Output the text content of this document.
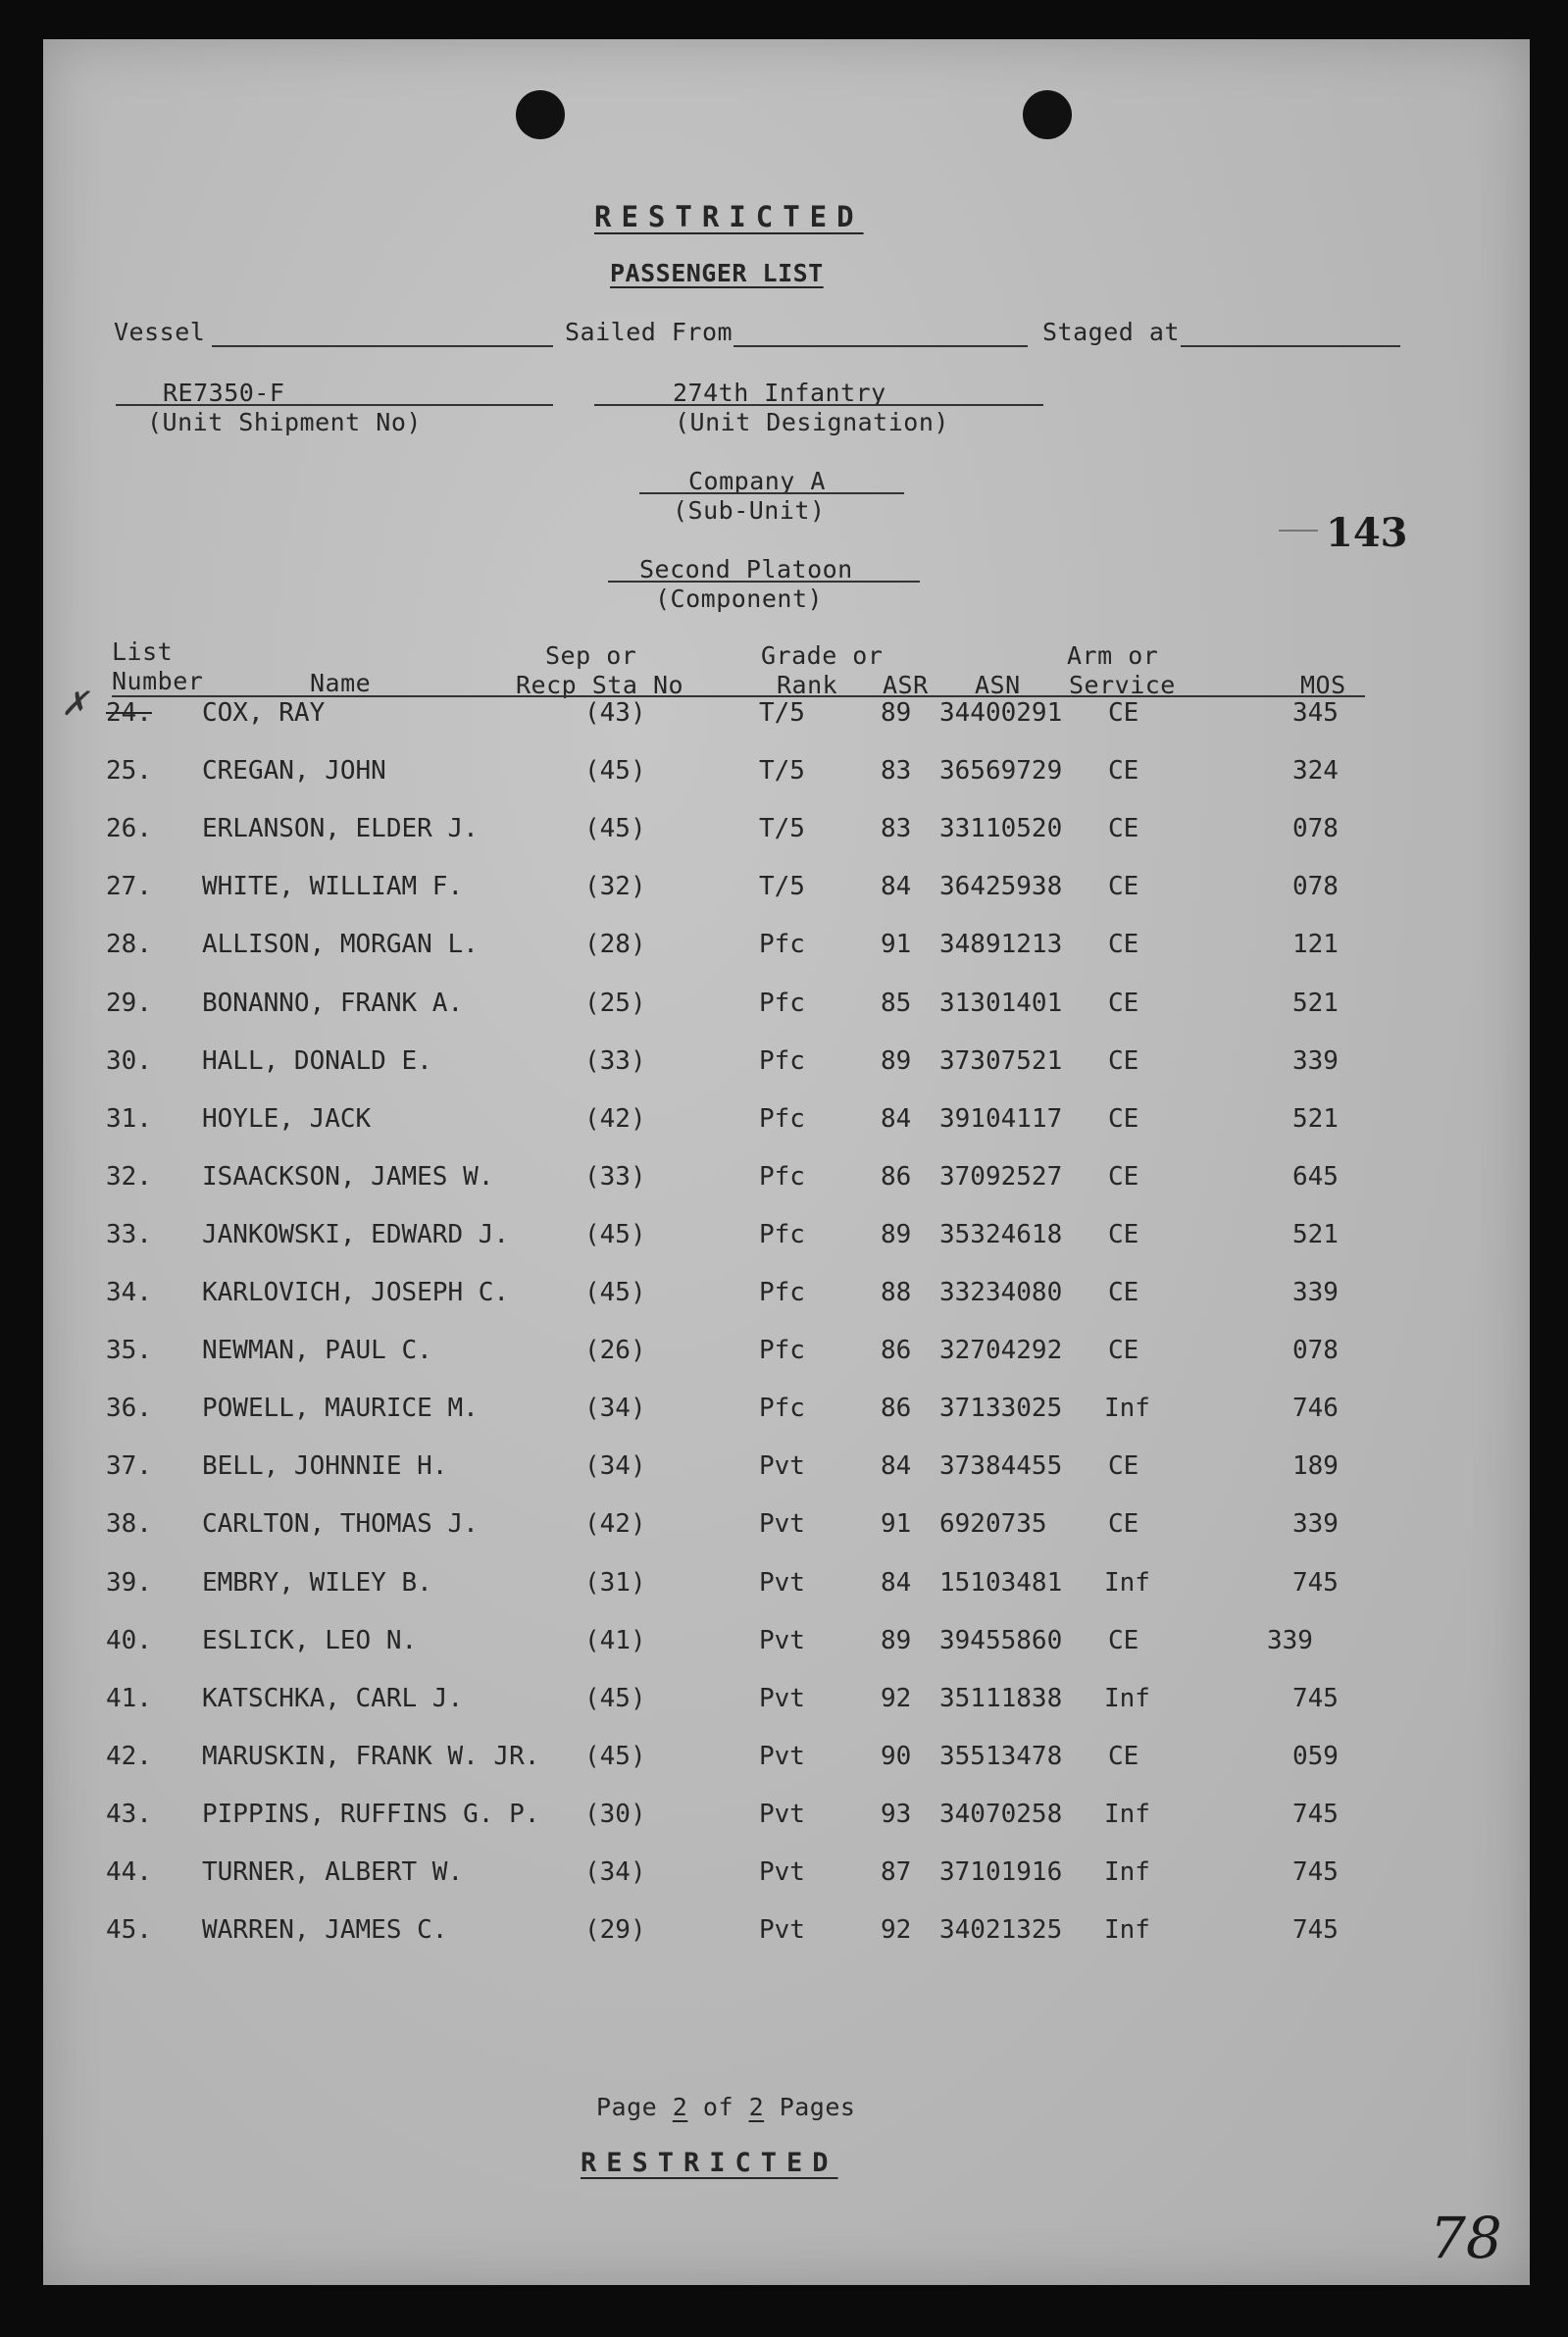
RESTRICTED
PASSENGER LIST
Vessel	Sailed From	Staged at
RE7350-F
(Unit Shipment No)
274th Infantry
(Unit Designation)
Company A
(Sub-Unit)	143
Second Platoon
(Component)
List
Number	Name
Sep or
Recp Sta No
Grade or
Rank ASR ASN
Arm or
Service	MOS
✗ 24. COX, RAY	(43)	T/5	89 34400291 CE	345
25. CREGAN, JOHN	(45)	T/5	83 36569729 CE	324
26. ERLANSON, ELDER J.	(45)	T/5	83 33110520 CE	078
27. WHITE, WILLIAM F.	(32)	T/5	84 36425938 CE	078
28. ALLISON, MORGAN L.	(28)	Pfc	91 34891213 CE	121
29. BONANNO, FRANK A.	(25)	Pfc	85 31301401 CE	521
30. HALL, DONALD E.	(33)	Pfc	89 37307521 CE	339
31. HOYLE, JACK	(42)	Pfc	84 39104117 CE	521
32. ISAACKSON, JAMES W.	(33)	Pfc	86 37092527 CE	645
33. JANKOWSKI, EDWARD J.	(45)	Pfc	89 35324618 CE	521
34. KARLOVICH, JOSEPH C.	(45)	Pfc	88 33234080 CE	339
35. NEWMAN, PAUL C.	(26)	Pfc	86 32704292 CE	078
36. POWELL, MAURICE M.	(34)	Pfc	86 37133025 Inf	746
37. BELL, JOHNNIE H.	(34)	Pvt	84 37384455 CE	189
38. CARLTON, THOMAS J.	(42)	Pvt	91 6920735 CE	339
39. EMBRY, WILEY B.	(31)	Pvt	84 15103481 Inf	745
40. ESLICK, LEO N.	(41)	Pvt	89 39455860 CE	339
41. KATSCHKA, CARL J.	(45)	Pvt	92 35111838 Inf	745
42. MARUSKIN, FRANK W. JR. (45)	Pvt	90 35513478 CE	059
43. PIPPINS, RUFFINS G. P. (30)	Pvt	93 34070258 Inf	745
44. TURNER, ALBERT W.	(34)	Pvt	87 37101916 Inf	745
45. WARREN, JAMES C.	(29)	Pvt	92 34021325 Inf	745
Page 2 of 2 Pages
RESTRICTED
78
